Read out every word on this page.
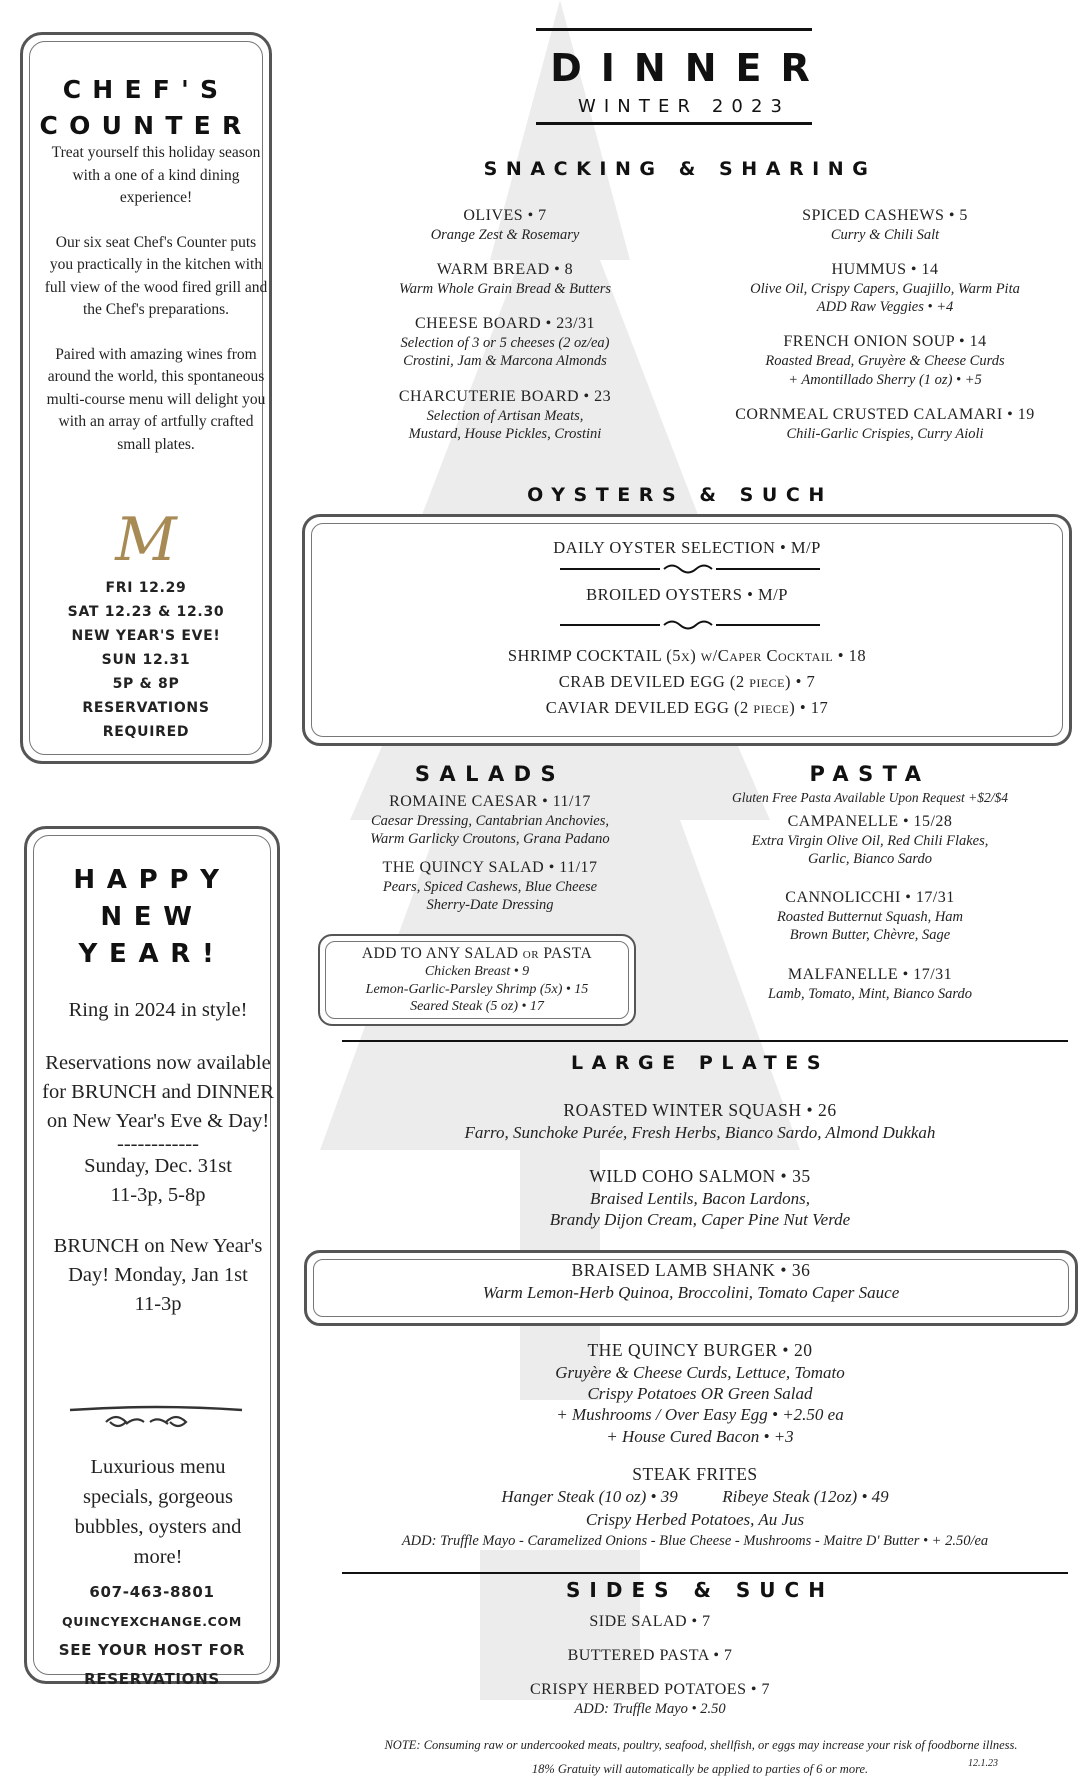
CHEF'S
COUNTER

Treat yourself this holiday season with a one of a kind dining experience!

Our six seat Chef's Counter puts you practically in the kitchen with full view of the wood fired grill and the Chef's preparations.

Paired with amazing wines from around the world, this spontaneous multi-course menu will delight you with an array of artfully crafted small plates.

M
FRI 12.29
SAT 12.23 & 12.30
NEW YEAR'S EVE!
SUN 12.31
5P & 8P
RESERVATIONS
REQUIRED
HAPPY
NEW
YEAR!

Ring in 2024 in style!

Reservations now available for BRUNCH and DINNER on New Year's Eve & Day!

------------

Sunday, Dec. 31st

11-3p, 5-8p

BRUNCH on New Year's Day! Monday, Jan 1st

11-3p

Luxurious menu specials, gorgeous bubbles, oysters and more!
607-463-8801
QUINCYEXCHANGE.COM
SEE YOUR HOST FOR
RESERVATIONS
DINNER
WINTER 2023
SNACKING & SHARING
OLIVES • 7
Orange Zest & Rosemary
WARM BREAD • 8
Warm Whole Grain Bread & Butters
CHEESE BOARD • 23/31
Selection of 3 or 5 cheeses (2 oz/ea)
Crostini, Jam & Marcona Almonds
CHARCUTERIE BOARD • 23
Selection of Artisan Meats,
Mustard, House Pickles, Crostini
SPICED CASHEWS • 5
Curry & Chili Salt
HUMMUS • 14
Olive Oil, Crispy Capers, Guajillo, Warm Pita
ADD Raw Veggies • +4
FRENCH ONION SOUP • 14
Roasted Bread, Gruyère & Cheese Curds
+ Amontillado Sherry (1 oz) • +5
CORNMEAL CRUSTED CALAMARI • 19
Chili-Garlic Crispies, Curry Aioli
OYSTERS & SUCH
DAILY OYSTER SELECTION • M/P
BROILED OYSTERS • M/P
SHRIMP COCKTAIL (5x) w/Caper Cocktail • 18
CRAB DEVILED EGG (2 piece) • 7
CAVIAR DEVILED EGG (2 piece) • 17
SALADS
ROMAINE CAESAR • 11/17
Caesar Dressing, Cantabrian Anchovies,
Warm Garlicky Croutons, Grana Padano
THE QUINCY SALAD • 11/17
Pears, Spiced Cashews, Blue Cheese
Sherry-Date Dressing
ADD TO ANY SALAD or PASTA
Chicken Breast • 9
Lemon-Garlic-Parsley Shrimp (5x) • 15
Seared Steak (5 oz) • 17
PASTA
Gluten Free Pasta Available Upon Request +$2/$4
CAMPANELLE • 15/28
Extra Virgin Olive Oil, Red Chili Flakes,
Garlic, Bianco Sardo
CANNOLICCHI • 17/31
Roasted Butternut Squash, Ham
Brown Butter, Chèvre, Sage
MALFANELLE • 17/31
Lamb, Tomato, Mint, Bianco Sardo
LARGE PLATES
ROASTED WINTER SQUASH • 26
Farro, Sunchoke Purée, Fresh Herbs, Bianco Sardo, Almond Dukkah
WILD COHO SALMON • 35
Braised Lentils, Bacon Lardons,
Brandy Dijon Cream, Caper Pine Nut Verde
BRAISED LAMB SHANK • 36
Warm Lemon-Herb Quinoa, Broccolini, Tomato Caper Sauce
THE QUINCY BURGER • 20
Gruyère & Cheese Curds, Lettuce, Tomato
Crispy Potatoes OR Green Salad
+ Mushrooms / Over Easy Egg • +2.50 ea
+ House Cured Bacon • +3
STEAK FRITES
Hanger Steak (10 oz) • 39	Ribeye Steak (12oz) • 49
Crispy Herbed Potatoes, Au Jus
ADD: Truffle Mayo - Caramelized Onions - Blue Cheese - Mushrooms - Maitre D' Butter • + 2.50/ea
SIDES & SUCH
SIDE SALAD • 7
BUTTERED PASTA • 7
CRISPY HERBED POTATOES • 7
ADD: Truffle Mayo • 2.50
NOTE: Consuming raw or undercooked meats, poultry, seafood, shellfish, or eggs may increase your risk of foodborne illness.
18% Gratuity will automatically be applied to parties of 6 or more.	12.1.23
